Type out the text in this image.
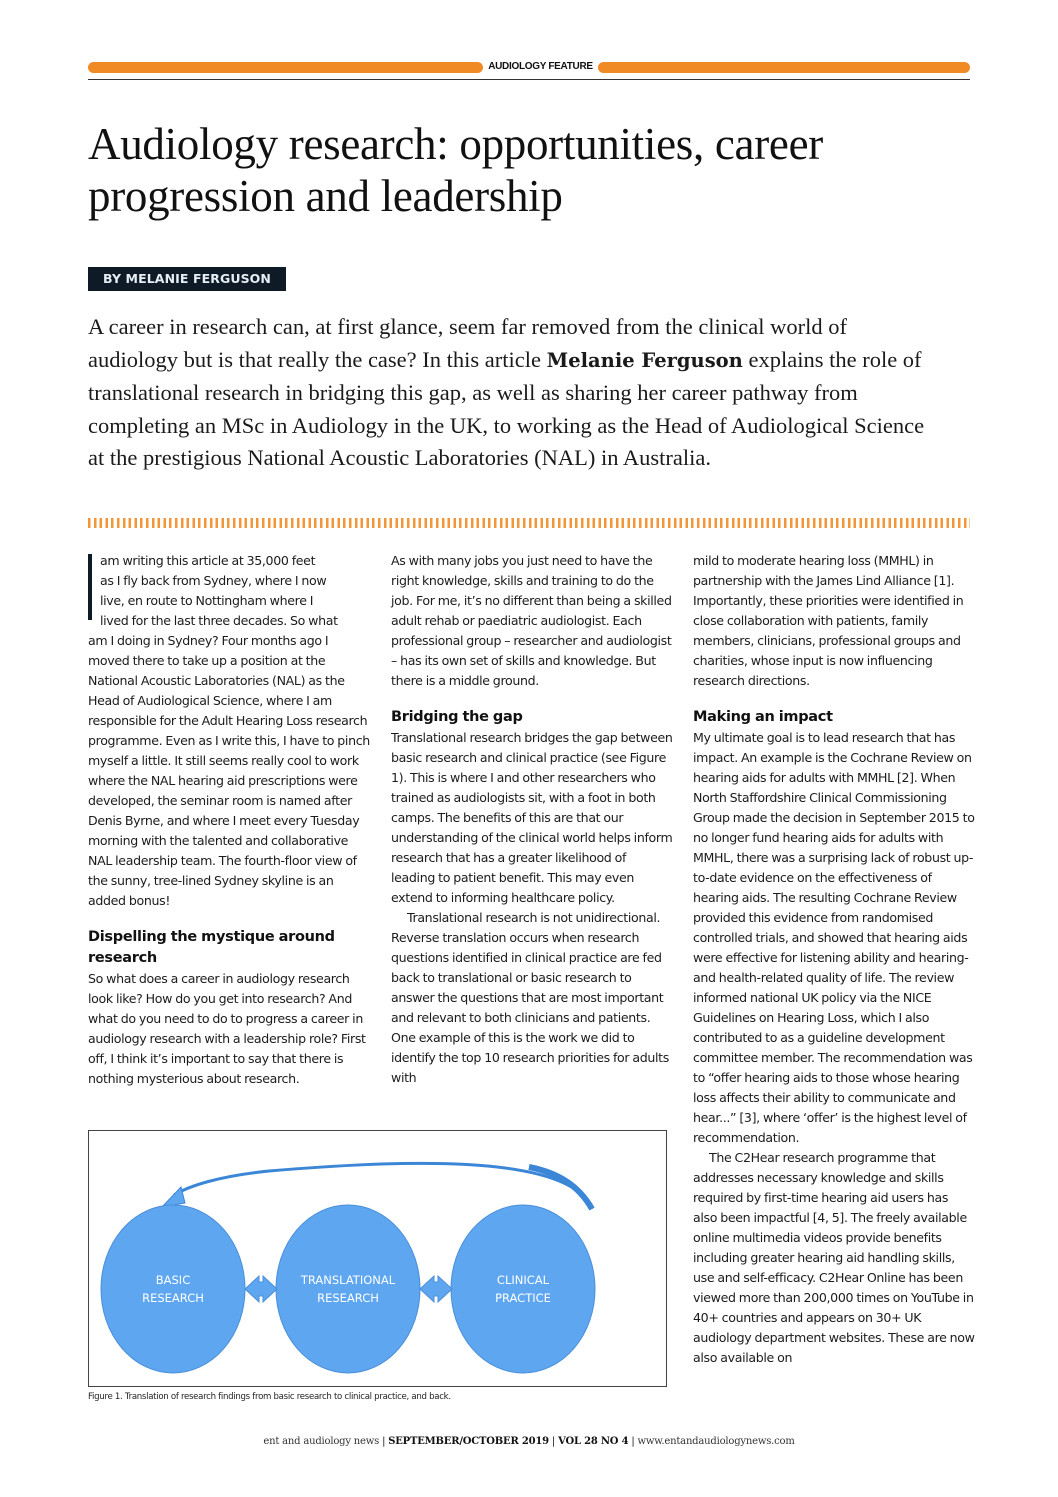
AUDIOLOGY FEATURE
Audiology research: opportunities, career
progression and leadership
BY MELANIE FERGUSON

A career in research can, at first glance, seem far removed from the clinical world of audiology but is that really the case? In this article Melanie Ferguson explains the role of translational research in bridging this gap, as well as sharing her career pathway from completing an MSc in Audiology in the UK, to working as the Head of Audiological Science at the prestigious National Acoustic Laboratories (NAL) in Australia.

am writing this article at 35,000 feet
as I fly back from Sydney, where I now
live, en route to Nottingham where I
lived for the last three decades. So what

am I doing in Sydney? Four months ago I moved there to take up a position at the National Acoustic Laboratories (NAL) as the Head of Audiological Science, where I am responsible for the Adult Hearing Loss research programme. Even as I write this, I have to pinch myself a little. It still seems really cool to work where the NAL hearing aid prescriptions were developed, the seminar room is named after Denis Byrne, and where I meet every Tuesday morning with the talented and collaborative NAL leadership team. The fourth-floor view of the sunny, tree-lined Sydney skyline is an added bonus!

Dispelling the mystique around research

So what does a career in audiology research look like? How do you get into research? And what do you need to do to progress a career in audiology research with a leadership role? First off, I think it’s important to say that there is nothing mysterious about research.

As with many jobs you just need to have the right knowledge, skills and training to do the job. For me, it’s no different than being a skilled adult rehab or paediatric audiologist. Each professional group – researcher and audiologist – has its own set of skills and knowledge. But there is a middle ground.

Bridging the gap

Translational research bridges the gap between basic research and clinical practice (see Figure 1). This is where I and other researchers who trained as audiologists sit, with a foot in both camps. The benefits of this are that our understanding of the clinical world helps inform research that has a greater likelihood of leading to patient benefit. This may even extend to informing healthcare policy.

Translational research is not unidirectional. Reverse translation occurs when research questions identified in clinical practice are fed back to translational or basic research to answer the questions that are most important and relevant to both clinicians and patients. One example of this is the work we did to identify the top 10 research priorities for adults with

mild to moderate hearing loss (MMHL) in partnership with the James Lind Alliance [1]. Importantly, these priorities were identified in close collaboration with patients, family members, clinicians, professional groups and charities, whose input is now influencing research directions.

Making an impact

My ultimate goal is to lead research that has impact. An example is the Cochrane Review on hearing aids for adults with MMHL [2]. When North Staffordshire Clinical Commissioning Group made the decision in September 2015 to no longer fund hearing aids for adults with MMHL, there was a surprising lack of robust up-to-date evidence on the effectiveness of hearing aids. The resulting Cochrane Review provided this evidence from randomised controlled trials, and showed that hearing aids were effective for listening ability and hearing- and health-related quality of life. The review informed national UK policy via the NICE Guidelines on Hearing Loss, which I also contributed to as a guideline development committee member. The recommendation was to “offer hearing aids to those whose hearing loss affects their ability to communicate and hear...” [3], where ‘offer’ is the highest level of recommendation.

The C2Hear research programme that addresses necessary knowledge and skills required by first-time hearing aid users has also been impactful [4, 5]. The freely available online multimedia videos provide benefits including greater hearing aid handling skills, use and self-efficacy. C2Hear Online has been viewed more than 200,000 times on YouTube in 40+ countries and appears on 30+ UK audiology department websites. These are now also available on

BASIC
RESEARCH
TRANSLATIONAL
RESEARCH
CLINICAL
PRACTICE
Figure 1. Translation of research findings from basic research to clinical practice, and back.
ent and audiology news | SEPTEMBER/OCTOBER 2019 | VOL 28 NO 4 | www.entandaudiologynews.com
